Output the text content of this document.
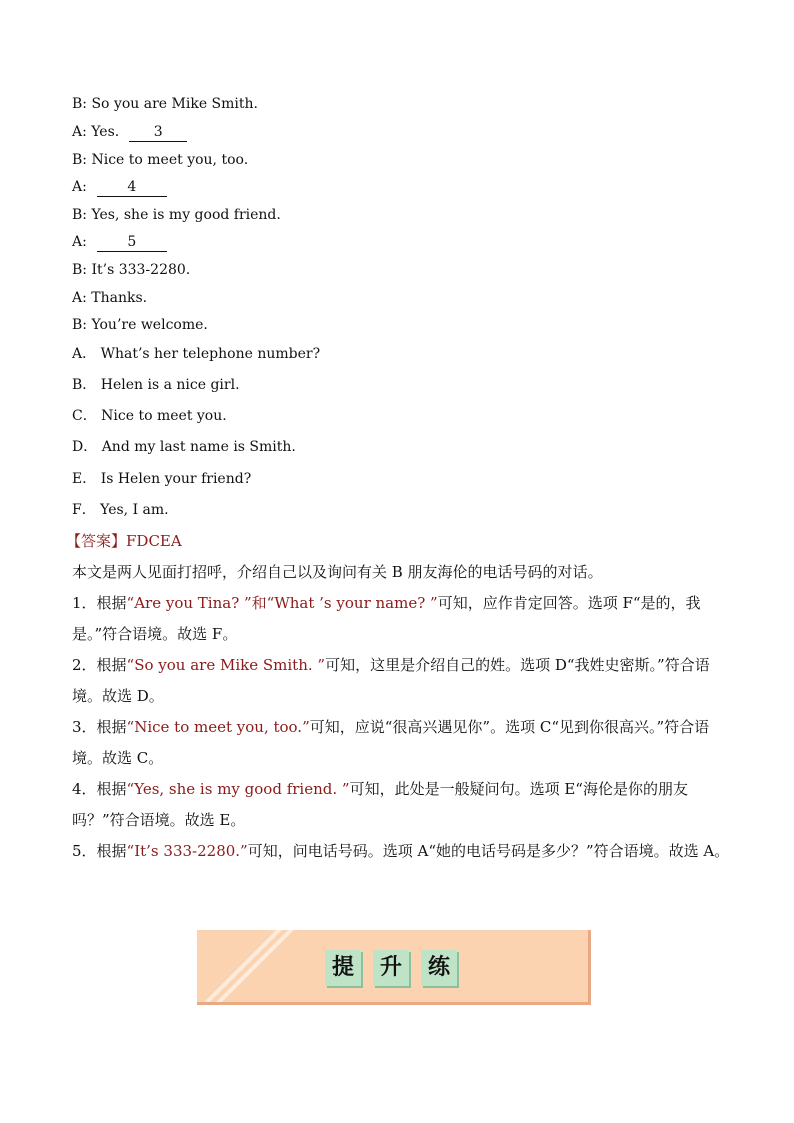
B: So you are Mike Smith.
A: Yes. 3
B: Nice to meet you, too.
A:	4
B: Yes, she is my good friend.
A:	5
B: It’s 333-2280.
A: Thanks.
B: You’re welcome.
A． What’s her telephone number?
B． Helen is a nice girl.
C． Nice to meet you.
D． And my last name is Smith.
E． Is Helen your friend?
F． Yes, I am.
【答案】FDCEA
本文是两人见面打招呼，介绍自己以及询问有关 B 朋友海伦的电话号码的对话。
1．根据“Are you Tina? ”和“What ’s your name? ”可知，应作肯定回答。选项 F“是的，我是。”符合语境。故选 F。
2．根据“So you are Mike Smith. ”可知，这里是介绍自己的姓。选项 D“我姓史密斯。”符合语境。故选 D。
3．根据“Nice to meet you, too.”可知，应说“很高兴遇见你”。选项 C“见到你很高兴。”符合语境。故选 C。
4．根据“Yes, she is my good friend. ”可知，此处是一般疑问句。选项 E“海伦是你的朋友吗？”符合语境。故选 E。
5．根据“It’s 333-2280.”可知，问电话号码。选项 A“她的电话号码是多少？”符合语境。故选 A。
提	升	练
